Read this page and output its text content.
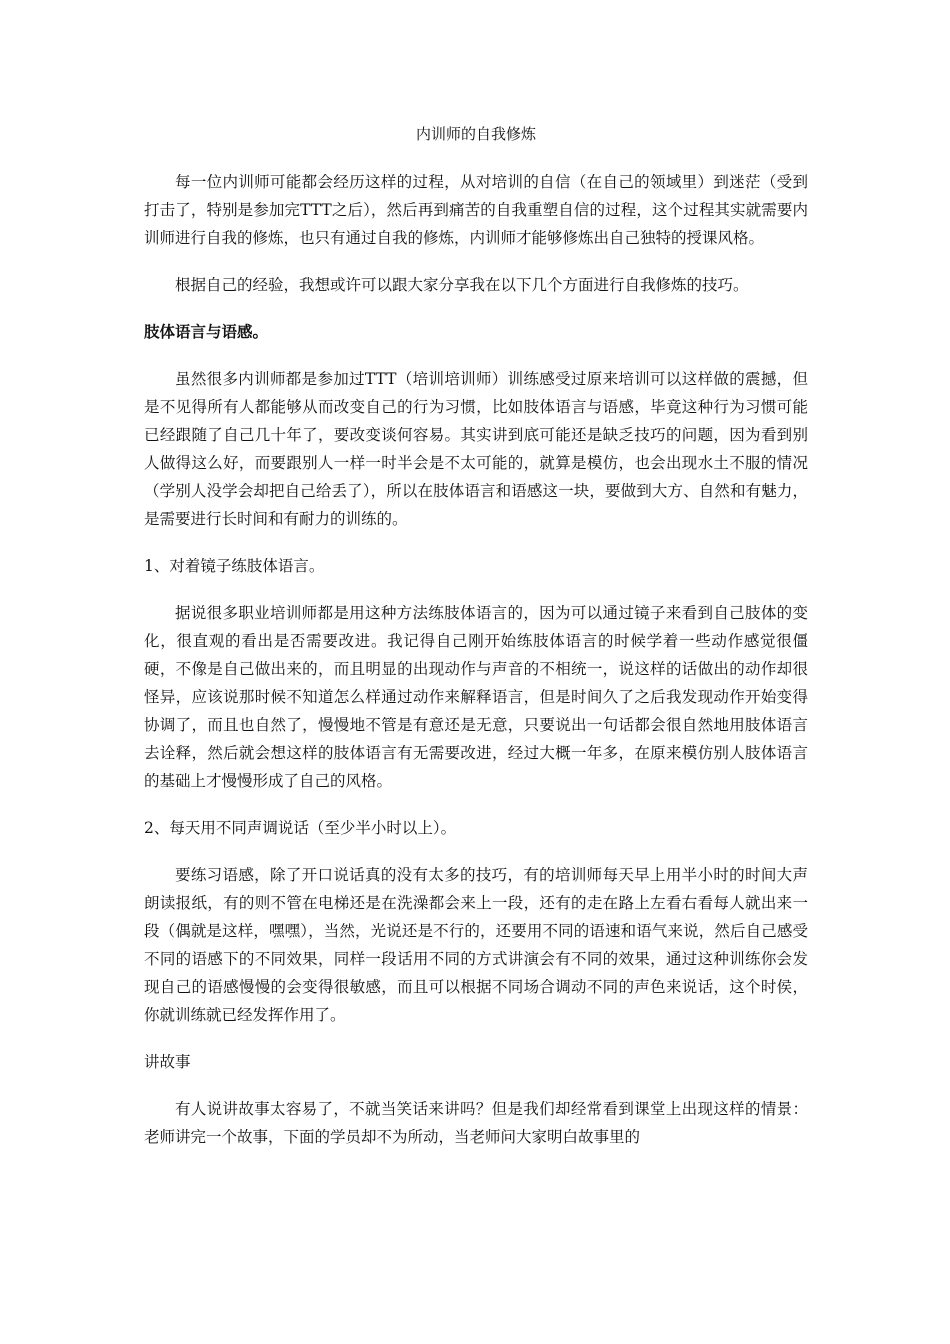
内训师的自我修炼
每一位内训师可能都会经历这样的过程，从对培训的自信（在自己的领域里）到迷茫（受到打击了，特别是参加完TTT之后），然后再到痛苦的自我重塑自信的过程，这个过程其实就需要内训师进行自我的修炼，也只有通过自我的修炼，内训师才能够修炼出自己独特的授课风格。
根据自己的经验，我想或许可以跟大家分享我在以下几个方面进行自我修炼的技巧。
肢体语言与语感。
虽然很多内训师都是参加过TTT（培训培训师）训练感受过原来培训可以这样做的震撼，但是不见得所有人都能够从而改变自己的行为习惯，比如肢体语言与语感，毕竟这种行为习惯可能已经跟随了自己几十年了，要改变谈何容易。其实讲到底可能还是缺乏技巧的问题，因为看到别人做得这么好，而要跟别人一样一时半会是不太可能的，就算是模仿，也会出现水土不服的情况（学别人没学会却把自己给丢了），所以在肢体语言和语感这一块，要做到大方、自然和有魅力，是需要进行长时间和有耐力的训练的。
1、对着镜子练肢体语言。
据说很多职业培训师都是用这种方法练肢体语言的，因为可以通过镜子来看到自己肢体的变化，很直观的看出是否需要改进。我记得自己刚开始练肢体语言的时候学着一些动作感觉很僵硬，不像是自己做出来的，而且明显的出现动作与声音的不相统一，说这样的话做出的动作却很怪异，应该说那时候不知道怎么样通过动作来解释语言，但是时间久了之后我发现动作开始变得协调了，而且也自然了，慢慢地不管是有意还是无意，只要说出一句话都会很自然地用肢体语言去诠释，然后就会想这样的肢体语言有无需要改进，经过大概一年多，在原来模仿别人肢体语言的基础上才慢慢形成了自己的风格。
2、每天用不同声调说话（至少半小时以上）。
要练习语感，除了开口说话真的没有太多的技巧，有的培训师每天早上用半小时的时间大声朗读报纸，有的则不管在电梯还是在洗澡都会来上一段，还有的走在路上左看右看每人就出来一段（偶就是这样，嘿嘿），当然，光说还是不行的，还要用不同的语速和语气来说，然后自己感受不同的语感下的不同效果，同样一段话用不同的方式讲演会有不同的效果，通过这种训练你会发现自己的语感慢慢的会变得很敏感，而且可以根据不同场合调动不同的声色来说话，这个时侯，你就训练就已经发挥作用了。
讲故事
有人说讲故事太容易了，不就当笑话来讲吗？但是我们却经常看到课堂上出现这样的情景：老师讲完一个故事，下面的学员却不为所动，当老师问大家明白故事里的
